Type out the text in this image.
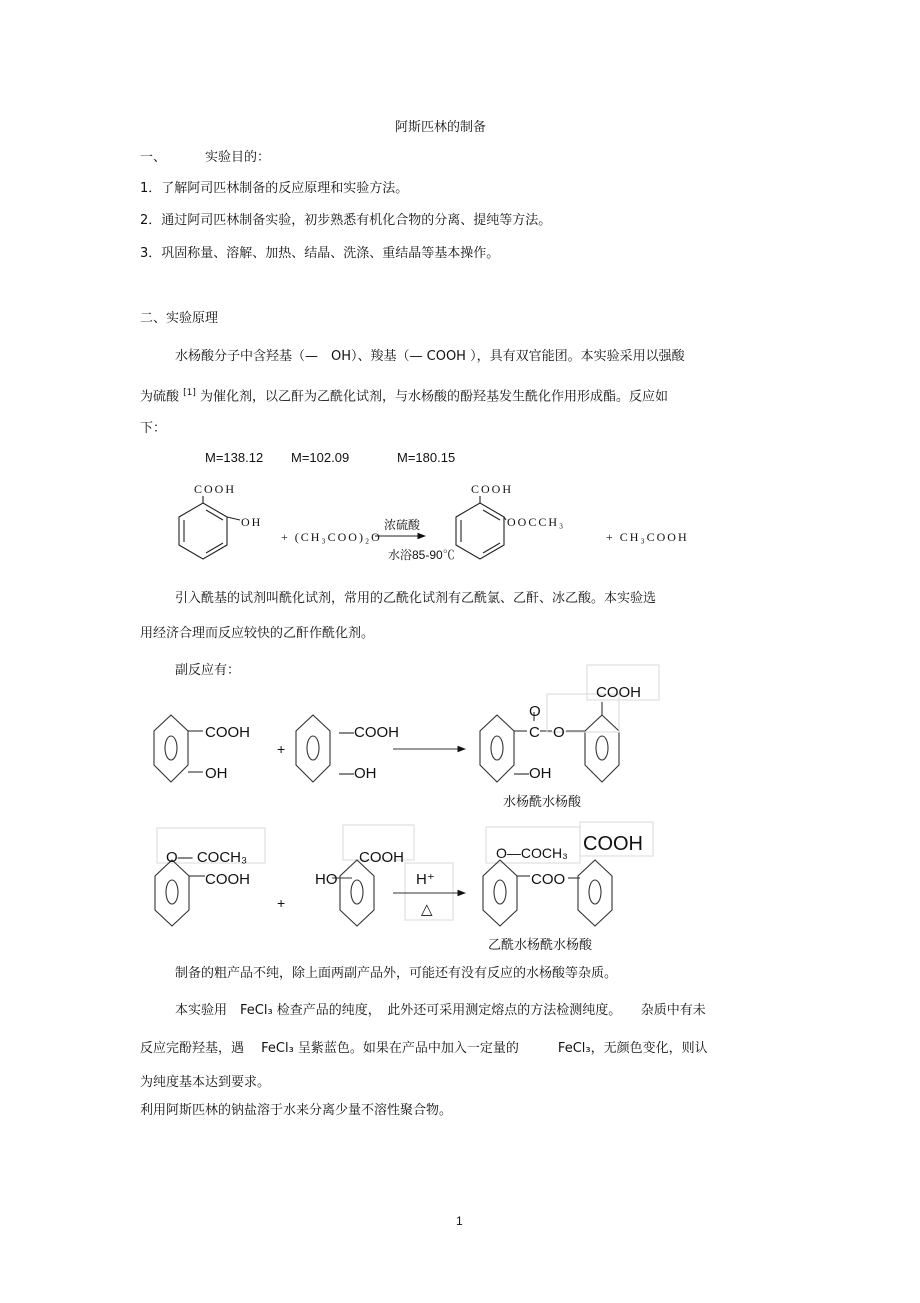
阿斯匹林的制备
一、	实验目的：
1．了解阿司匹林制备的反应原理和实验方法。
2．通过阿司匹林制备实验，初步熟悉有机化合物的分离、提纯等方法。
3．巩固称量、溶解、加热、结晶、洗涤、重结晶等基本操作。
二、实验原理
水杨酸分子中含羟基（—　OH）、羧基（— COOH ），具有双官能团。本实验采用以强酸
为硫酸 [1] 为催化剂，以乙酐为乙酰化试剂，与水杨酸的酚羟基发生酰化作用形成酯。反应如
下：
M=138.12 M=102.09	M=180.15
引入酰基的试剂叫酰化试剂，常用的乙酰化试剂有乙酰氯、乙酐、冰乙酸。本实验选
用经济合理而反应较快的乙酐作酰化剂。
副反应有：
制备的粗产品不纯，除上面两副产品外，可能还有没有反应的水杨酸等杂质。
本实验用　FeCl₃ 检查产品的纯度，　此外还可采用测定熔点的方法检测纯度。　　杂质中有未
反应完酚羟基，遇　 FeCl₃ 呈紫蓝色。如果在产品中加入一定量的　　　FeCl₃，无颜色变化，则认
为纯度基本达到要求。
利用阿斯匹林的钠盐溶于水来分离少量不溶性聚合物。
1
COOH
OH
+ (CH₃COO)₂O
浓硫酸
水浴85-90℃
COOH
OOCCH₃
+ CH₃COOH
COOH
OH
+
—COOH
—OH
C
O
O
—OH
COOH
水杨酰水杨酸
O— COCH₃
COOH
+
HO
COOH
H⁺
△
O—COCH₃
COO
COOH
乙酰水杨酰水杨酸
